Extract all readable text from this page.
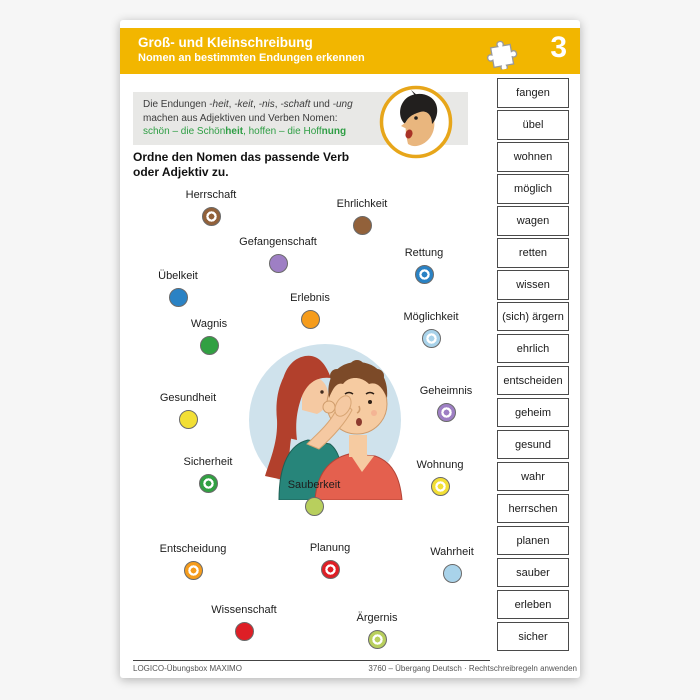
Groß- und Kleinschreibung
Nomen an bestimmten Endungen erkennen	3
Die Endungen -heit, -keit, -nis, -schaft und -ung
machen aus Adjektiven und Verben Nomen:
schön – die Schönheit, hoffen – die Hoffnung
Ordne den Nomen das passende Verb
oder Adjektiv zu.
Herrschaft
Ehrlichkeit
Gefangenschaft
Rettung
Übelkeit
Erlebnis
Möglichkeit
Wagnis
Gesundheit
Geheimnis
Sicherheit	Wohnung
Sauberkeit
Entscheidung	Planung	Wahrheit
Wissenschaft
Ärgernis
fangen
übel
wohnen
möglich
wagen
retten
wissen
(sich) ärgern
ehrlich
entscheiden
geheim
gesund
wahr
herrschen
planen
sauber
erleben
sicher
LOGICO-Übungsbox MAXIMO	3760 – Übergang Deutsch · Rechtschreibregeln anwenden
